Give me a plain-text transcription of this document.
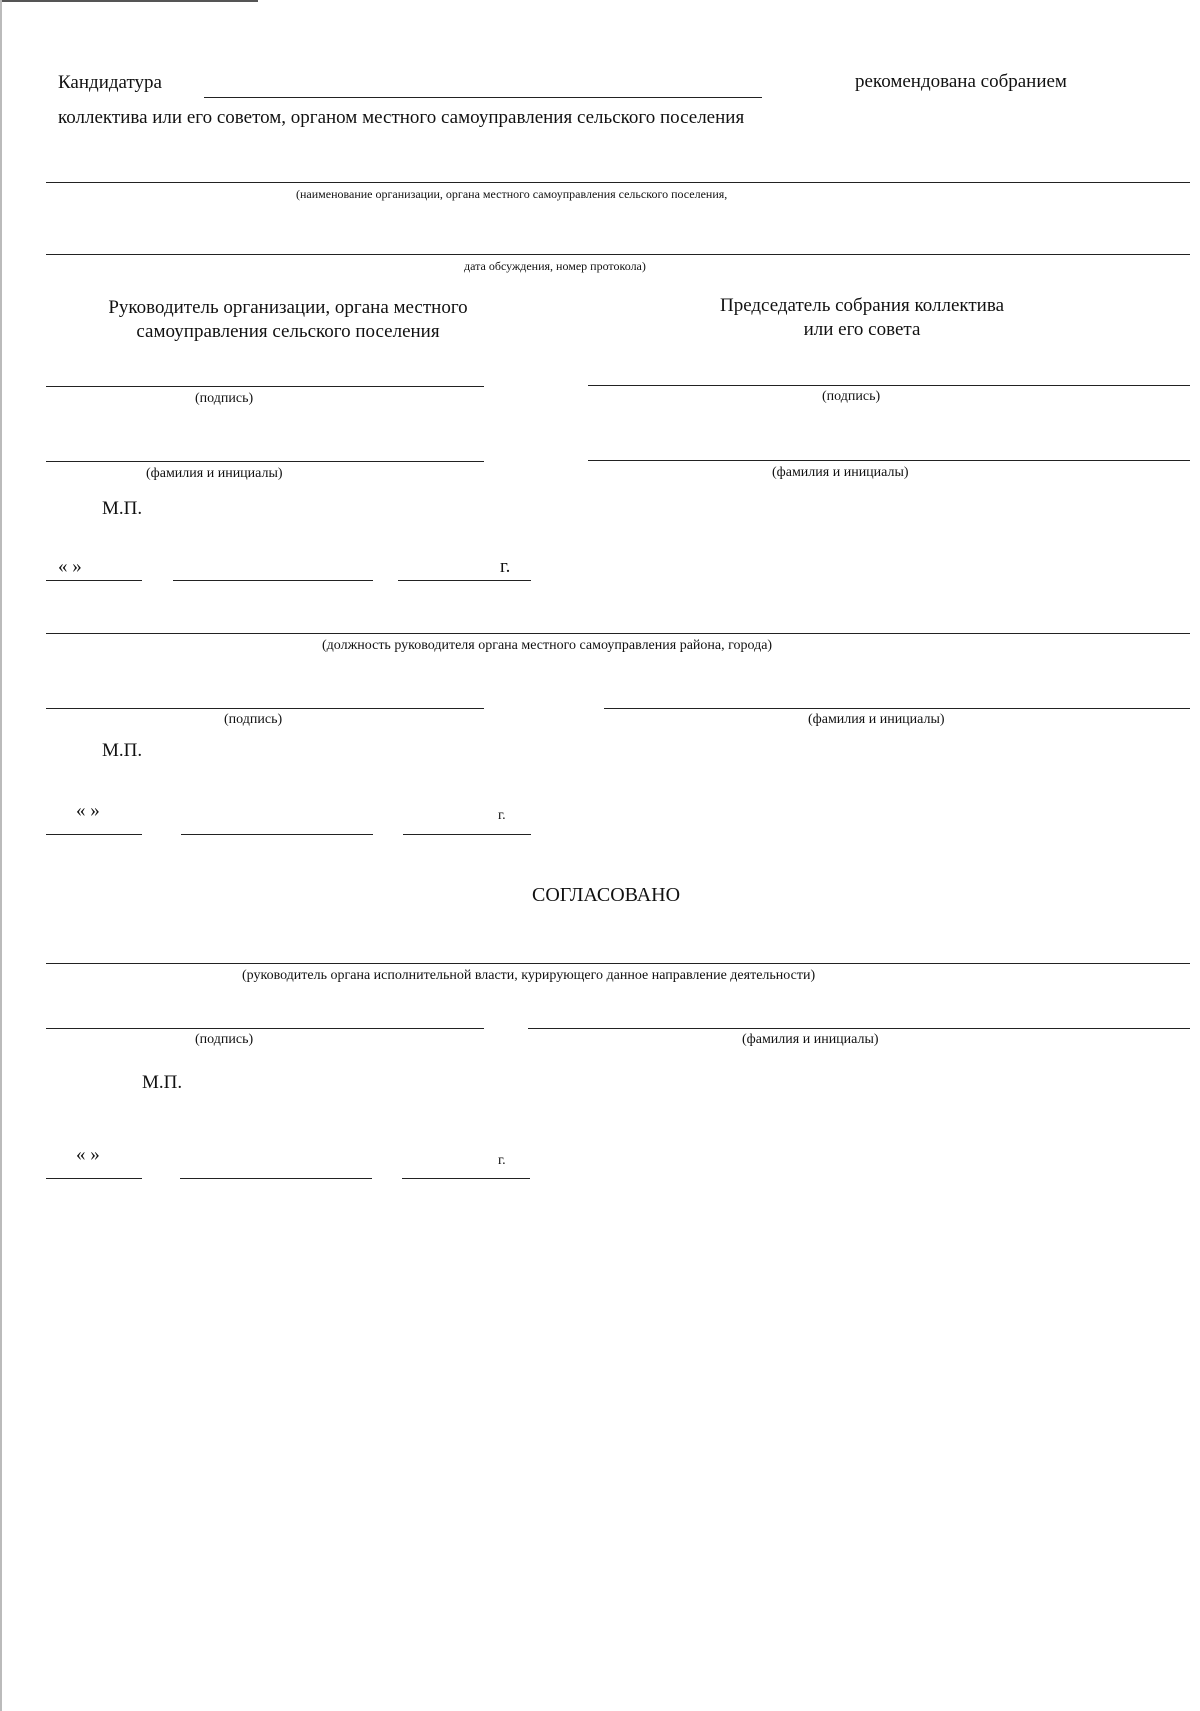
Кандидатура	рекомендована собранием
коллектива или его советом, органом местного самоуправления сельского поселения
(наименование организации, органа местного самоуправления сельского поселения,
дата обсуждения, номер протокола)
Руководитель организации, органа местного
самоуправления сельского поселения
Председатель собрания коллектива
или его совета
(подпись)	(подпись)
(фамилия и инициалы)	(фамилия и инициалы)
М.П.
« »	г.
(должность руководителя органа местного самоуправления района, города)
(подпись)	(фамилия и инициалы)
М.П.
« »	г.
СОГЛАСОВАНО
(руководитель органа исполнительной власти, курирующего данное направление деятельности)
(подпись)	(фамилия и инициалы)
М.П.
« »	г.
